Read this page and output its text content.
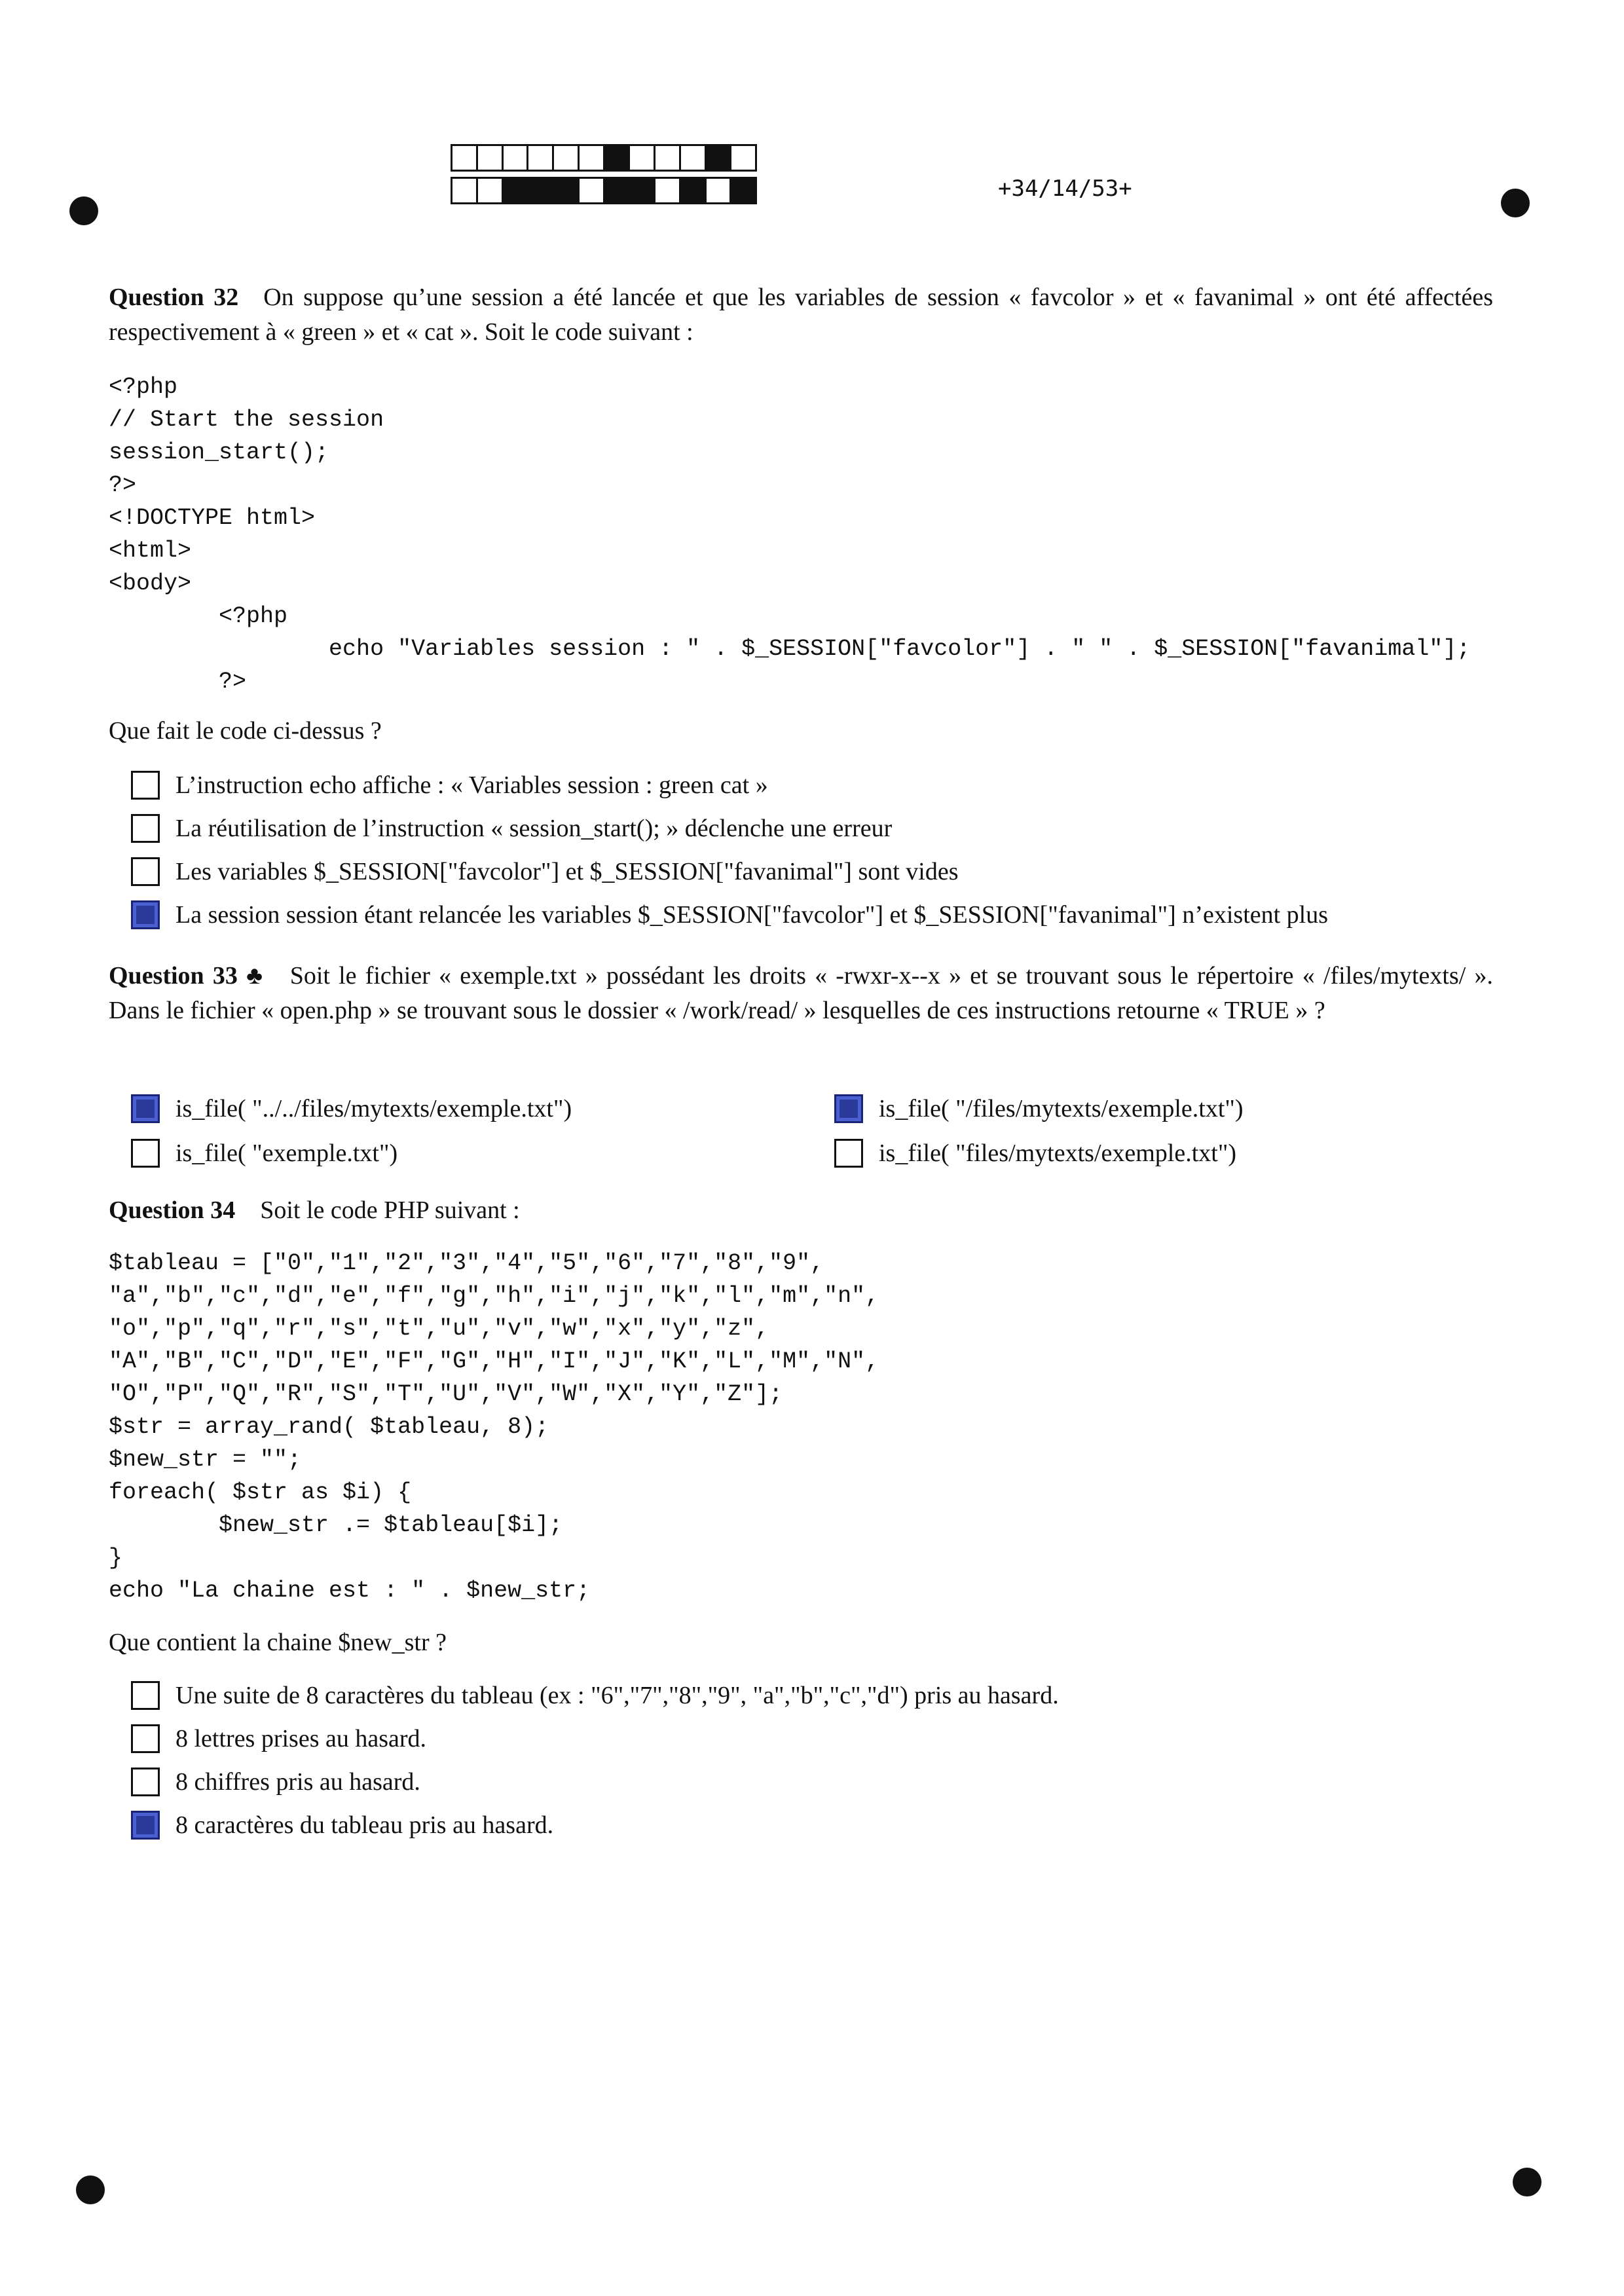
+34/14/53+
Question 32 On suppose qu’une session a été lancée et que les variables de session « favcolor » et « favanimal » ont été affectées respectivement à « green » et « cat ». Soit le code suivant :
<?php
// Start the session
session_start();
?>
<!DOCTYPE html>
<html>
<body>
<?php
echo "Variables session : " . $_SESSION["favcolor"] . " " . $_SESSION["favanimal"];
?>
Que fait le code ci-dessus ?
L’instruction echo affiche : « Variables session : green cat »
La réutilisation de l’instruction « session_start(); » déclenche une erreur
Les variables $_SESSION["favcolor"] et $_SESSION["favanimal"] sont vides
La session session étant relancée les variables $_SESSION["favcolor"] et $_SESSION["favanimal"] n’existent plus
Question 33 ♣ Soit le fichier « exemple.txt » possédant les droits « -rwxr-x--x » et se trouvant sous le répertoire « /files/mytexts/ ». Dans le fichier « open.php » se trouvant sous le dossier « /work/read/ » lesquelles de ces instructions retourne « TRUE » ?
is_file( "../../files/mytexts/exemple.txt")	is_file( "/files/mytexts/exemple.txt")
is_file( "exemple.txt")	is_file( "files/mytexts/exemple.txt")
Question 34 Soit le code PHP suivant :
$tableau = ["0","1","2","3","4","5","6","7","8","9",
"a","b","c","d","e","f","g","h","i","j","k","l","m","n",
"o","p","q","r","s","t","u","v","w","x","y","z",
"A","B","C","D","E","F","G","H","I","J","K","L","M","N",
"O","P","Q","R","S","T","U","V","W","X","Y","Z"];
$str = array_rand( $tableau, 8);
$new_str = "";
foreach( $str as $i) {
$new_str .= $tableau[$i];
}
echo "La chaine est : " . $new_str;
Que contient la chaine $new_str ?
Une suite de 8 caractères du tableau (ex : "6","7","8","9", "a","b","c","d") pris au hasard.
8 lettres prises au hasard.
8 chiffres pris au hasard.
8 caractères du tableau pris au hasard.
